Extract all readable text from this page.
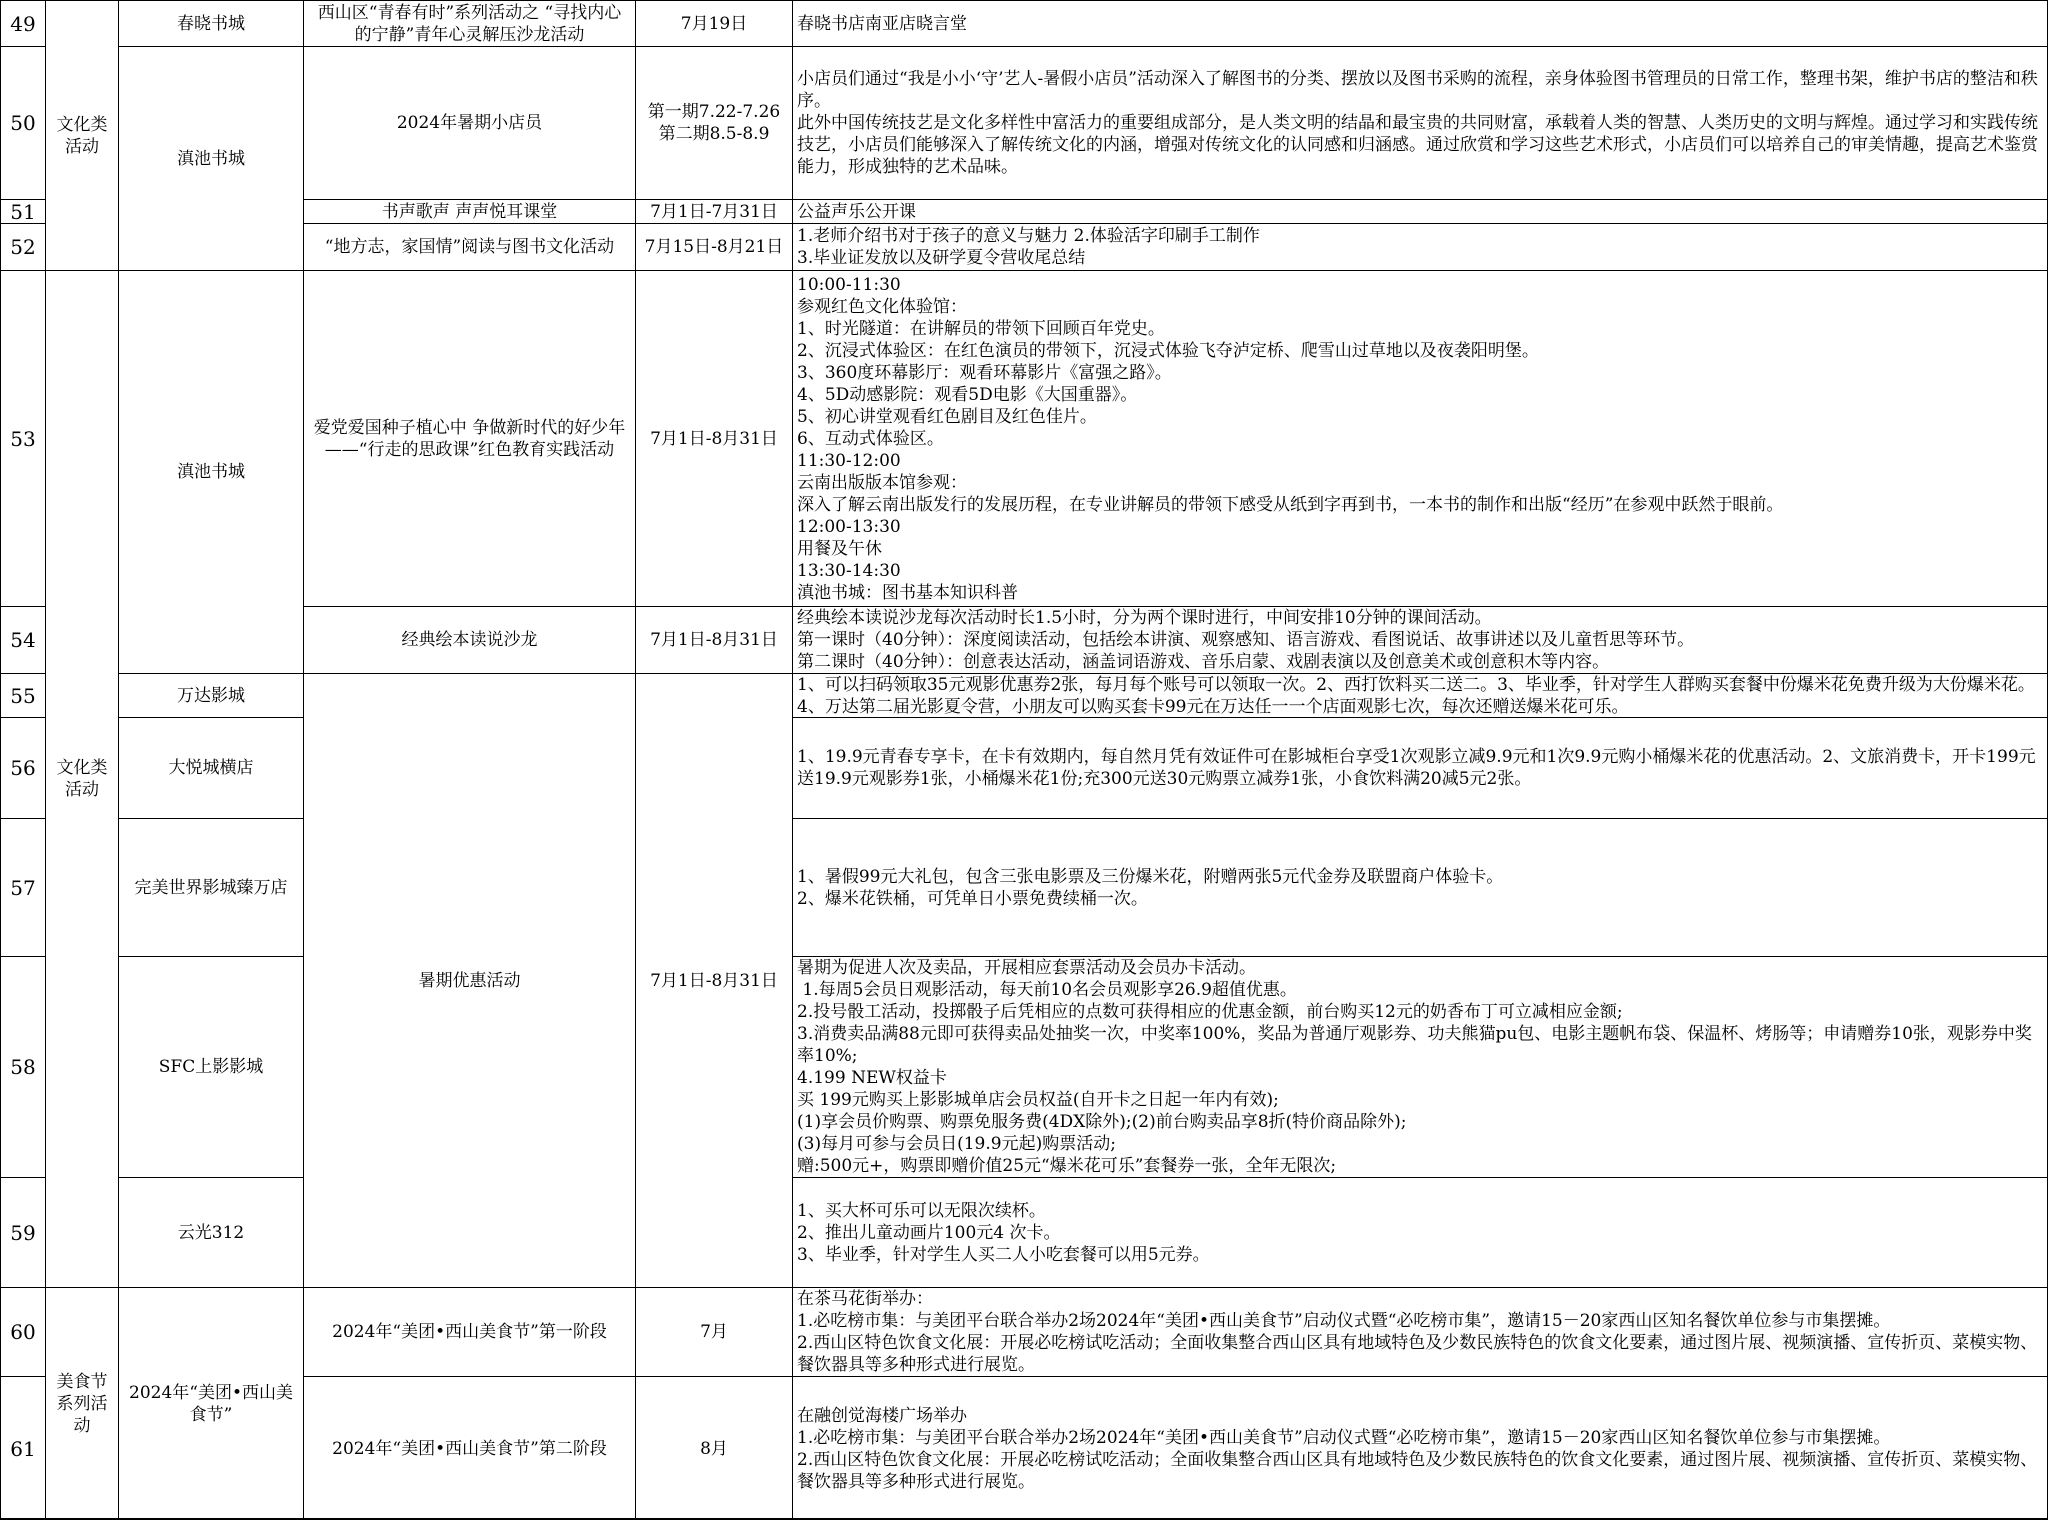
49
50
51
52
53
54
55
56
57
58
59
60
61
文化类
活动
文化类
活动
美食节
系列活
动
春晓书城
滇池书城
滇池书城
万达影城
大悦城横店
完美世界影城臻万店
SFC上影影城
云光312
2024年“美团•西山美
食节”
西山区“青春有时”系列活动之 “寻找内心的宁静”青年心灵解压沙龙活动
2024年暑期小店员
书声歌声 声声悦耳课堂
“地方志，家国情”阅读与图书文化活动
爱党爱国种子植心中 争做新时代的好少年
——“行走的思政课”红色教育实践活动
经典绘本读说沙龙
暑期优惠活动
2024年“美团•西山美食节”第一阶段
2024年“美团•西山美食节”第二阶段
7月19日
第一期7.22-7.26
第二期8.5-8.9
7月1日-7月31日
7月15日-8月21日
7月1日-8月31日
7月1日-8月31日
7月1日-8月31日
7月
8月
春晓书店南亚店晓言堂
小店员们通过“我是小小‘守’艺人-暑假小店员”活动深入了解图书的分类、摆放以及图书采购的流程，亲身体验图书管理员的日常工作，整理书架，维护书店的整洁和秩序。
此外中国传统技艺是文化多样性中富活力的重要组成部分，是人类文明的结晶和最宝贵的共同财富，承载着人类的智慧、人类历史的文明与辉煌。通过学习和实践传统技艺，小店员们能够深入了解传统文化的内涵，增强对传统文化的认同感和归涵感。通过欣赏和学习这些艺术形式，小店员们可以培养自己的审美情趣，提高艺术鉴赏能力，形成独特的艺术品味。
公益声乐公开课
1.老师介绍书对于孩子的意义与魅力 2.体验活字印刷手工制作
3.毕业证发放以及研学夏令营收尾总结
10:00-11:30
参观红色文化体验馆：
1、时光隧道：在讲解员的带领下回顾百年党史。
2、沉浸式体验区：在红色演员的带领下，沉浸式体验飞夺泸定桥、爬雪山过草地以及夜袭阳明堡。
3、360度环幕影厅：观看环幕影片《富强之路》。
4、5D动感影院：观看5D电影《大国重器》。
5、初心讲堂观看红色剧目及红色佳片。
6、互动式体验区。
11:30-12:00
云南出版版本馆参观：
深入了解云南出版发行的发展历程，在专业讲解员的带领下感受从纸到字再到书，一本书的制作和出版“经历”在参观中跃然于眼前。
12:00-13:30
用餐及午休
13:30-14:30
滇池书城：图书基本知识科普
经典绘本读说沙龙每次活动时长1.5小时，分为两个课时进行，中间安排10分钟的课间活动。
第一课时（40分钟）：深度阅读活动，包括绘本讲演、观察感知、语言游戏、看图说话、故事讲述以及儿童哲思等环节。
第二课时（40分钟）：创意表达活动，涵盖词语游戏、音乐启蒙、戏剧表演以及创意美术或创意积木等内容。
1、可以扫码领取35元观影优惠券2张，每月每个账号可以领取一次。2、西打饮料买二送二。3、毕业季，针对学生人群购买套餐中份爆米花免费升级为大份爆米花。4、万达第二届光影夏令营，小朋友可以购买套卡99元在万达任一一个店面观影七次，每次还赠送爆米花可乐。
1、19.9元青春专享卡，在卡有效期内，每自然月凭有效证件可在影城柜台享受1次观影立减9.9元和1次9.9元购小桶爆米花的优惠活动。2、文旅消费卡，开卡199元送19.9元观影券1张，小桶爆米花1份;充300元送30元购票立减券1张，小食饮料满20减5元2张。
1、暑假99元大礼包，包含三张电影票及三份爆米花，附赠两张5元代金券及联盟商户体验卡。
2、爆米花铁桶，可凭单日小票免费续桶一次。
暑期为促进人次及卖品，开展相应套票活动及会员办卡活动。
1.每周5会员日观影活动，每天前10名会员观影享26.9超值优惠。
2.投号骰工活动，投掷骰子后凭相应的点数可获得相应的优惠金额，前台购买12元的奶香布丁可立减相应金额;
3.消费卖品满88元即可获得卖品处抽奖一次，中奖率100%，奖品为普通厅观影券、功夫熊猫pu包、电影主题帆布袋、保温杯、烤肠等；申请赠券10张，观影券中奖率10%;
4.199 NEW权益卡
买 199元购买上影影城单店会员权益(自开卡之日起一年内有效);
(1)享会员价购票、购票免服务费(4DX除外);(2)前台购卖品享8折(特价商品除外);
(3)每月可参与会员日(19.9元起)购票活动;
赠:500元+，购票即赠价值25元“爆米花可乐”套餐券一张，全年无限次;
1、买大杯可乐可以无限次续杯。
2、推出儿童动画片100元4 次卡。
3、毕业季，针对学生人买二人小吃套餐可以用5元券。
在茶马花街举办：
1.必吃榜市集：与美团平台联合举办2场2024年“美团•西山美食节”启动仪式暨“必吃榜市集”，邀请15－20家西山区知名餐饮单位参与市集摆摊。
2.西山区特色饮食文化展：开展必吃榜试吃活动；全面收集整合西山区具有地域特色及少数民族特色的饮食文化要素，通过图片展、视频演播、宣传折页、菜模实物、餐饮器具等多种形式进行展览。
在融创觉海楼广场举办
1.必吃榜市集：与美团平台联合举办2场2024年“美团•西山美食节”启动仪式暨“必吃榜市集”，邀请15－20家西山区知名餐饮单位参与市集摆摊。
2.西山区特色饮食文化展：开展必吃榜试吃活动；全面收集整合西山区具有地域特色及少数民族特色的饮食文化要素，通过图片展、视频演播、宣传折页、菜模实物、餐饮器具等多种形式进行展览。
